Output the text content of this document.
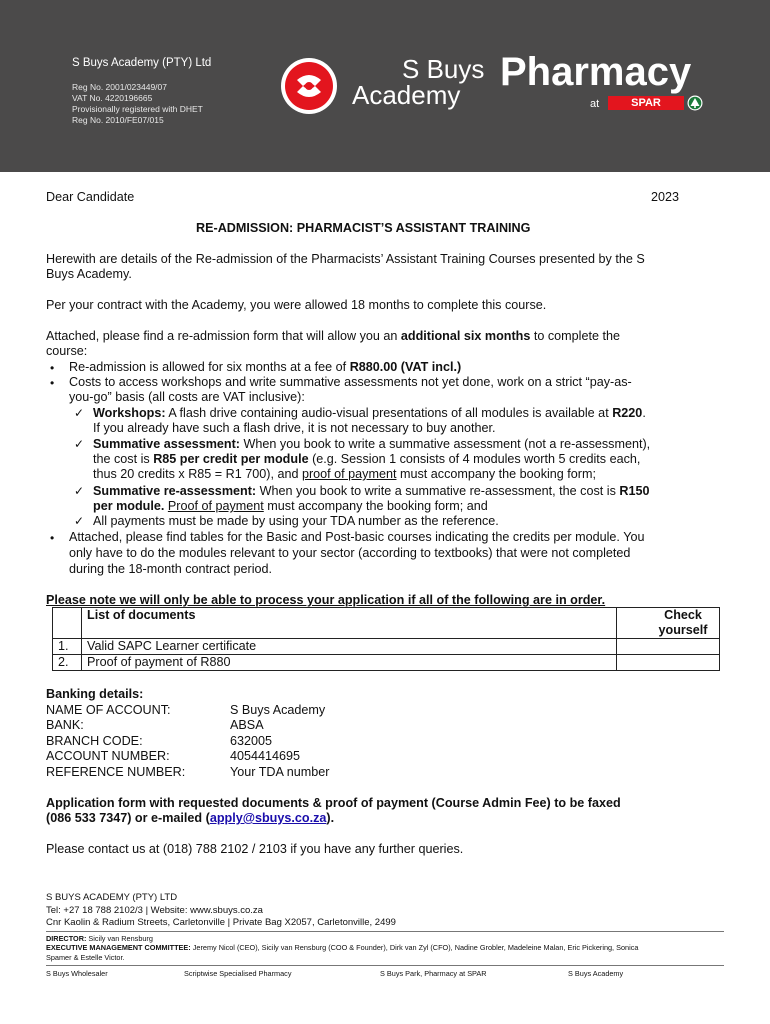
S Buys Academy (PTY) Ltd
Reg No. 2001/023449/07
VAT No. 4220196665
Provisionally registered with DHET
Reg No. 2010/FE07/015
S Buys
Academy
Pharmacy
at	SPAR
Dear Candidate	2023
RE-ADMISSION: PHARMACIST’S ASSISTANT TRAINING
Herewith are details of the Re-admission of the Pharmacists’ Assistant Training Courses presented by the S
Buys Academy.
Per your contract with the Academy, you were allowed 18 months to complete this course.
Attached, please find a re-admission form that will allow you an additional six months to complete the
course:
• Re-admission is allowed for six months at a fee of R880.00 (VAT incl.)
• Costs to access workshops and write summative assessments not yet done, work on a strict “pay-as-
you-go” basis (all costs are VAT inclusive):
✓ Workshops: A flash drive containing audio-visual presentations of all modules is available at R220.
If you already have such a flash drive, it is not necessary to buy another.
✓ Summative assessment: When you book to write a summative assessment (not a re-assessment),
the cost is R85 per credit per module (e.g. Session 1 consists of 4 modules worth 5 credits each,
thus 20 credits x R85 = R1 700), and proof of payment must accompany the booking form;
✓ Summative re-assessment: When you book to write a summative re-assessment, the cost is R150
per module. Proof of payment must accompany the booking form; and
✓ All payments must be made by using your TDA number as the reference.
• Attached, please find tables for the Basic and Post-basic courses indicating the credits per module. You
only have to do the modules relevant to your sector (according to textbooks) that were not completed
during the 18-month contract period.
Please note we will only be able to process your application if all of the following are in order.
	List of documents	Check
yourself

1.	Valid SAPC Learner certificate	
2.	Proof of payment of R880	
Banking details:
NAME OF ACCOUNT:	S Buys Academy
BANK:	ABSA
BRANCH CODE:	632005
ACCOUNT NUMBER:	4054414695
REFERENCE NUMBER:	Your TDA number
Application form with requested documents & proof of payment (Course Admin Fee) to be faxed
(086 533 7347) or e-mailed (apply@sbuys.co.za).
Please contact us at (018) 788 2102 / 2103 if you have any further queries.
S BUYS ACADEMY (PTY) LTD
Tel: +27 18 788 2102/3 | Website: www.sbuys.co.za
Cnr Kaolin & Radium Streets, Carletonville | Private Bag X2057, Carletonville, 2499
DIRECTOR: Sicily van Rensburg
EXECUTIVE MANAGEMENT COMMITTEE: Jeremy Nicol (CEO), Sicily van Rensburg (COO & Founder), Dirk van Zyl (CFO), Nadine Grobler, Madeleine Malan, Eric Pickering, Sonica
Spamer & Estelle Victor.
S Buys Wholesaler	Scriptwise Specialised Pharmacy	S Buys Park, Pharmacy at SPAR	S Buys Academy
